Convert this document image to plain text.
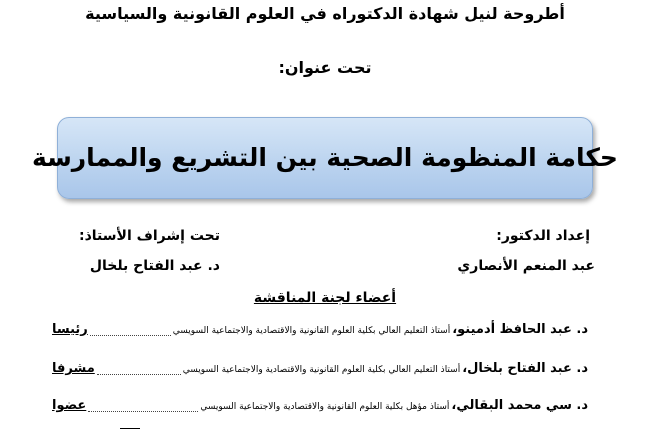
أطروحة لنيل شهادة الدكتوراه في العلوم القانونية والسياسية
تحت عنوان:
حكامة المنظومة الصحية بين التشريع والممارسة
إعداد الدكتور:
عبد المنعم الأنصاري
تحت إشراف الأستاذ:
د. عبد الفتاح بلخال
أعضاء لجنة المناقشة
د. عبد الحافظ أدمينو،
أستاذ التعليم العالي بكلية العلوم القانونية والاقتصادية والاجتماعية السويسي
رئيسا
د. عبد الفتاح بلخال،
أستاذ التعليم العالي بكلية العلوم القانونية والاقتصادية والاجتماعية السويسي
مشرفا
د. سي محمد البقالي،
أستاذ مؤهل بكلية العلوم القانونية والاقتصادية والاجتماعية السويسي
عضوا
